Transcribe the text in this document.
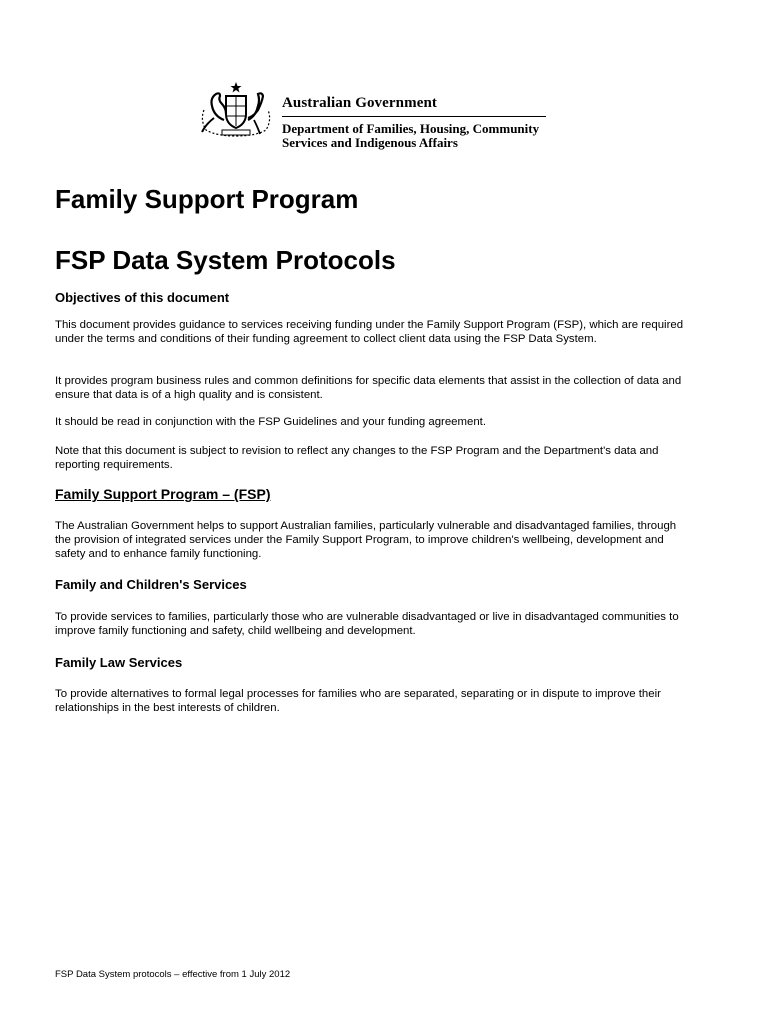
Australian Government
Department of Families, Housing, Community Services and Indigenous Affairs
Family Support Program
FSP Data System Protocols
Objectives of this document
This document provides guidance to services receiving funding under the Family Support Program (FSP), which are required under the terms and conditions of their funding agreement to collect client data using the FSP Data System.
It provides program business rules and common definitions for specific data elements that assist in the collection of data and ensure that data is of a high quality and is consistent.
It should be read in conjunction with the FSP Guidelines and your funding agreement.
Note that this document is subject to revision to reflect any changes to the FSP Program and the Department's data and reporting requirements.
Family Support Program – (FSP)
The Australian Government helps to support Australian families, particularly vulnerable and disadvantaged families, through the provision of integrated services under the Family Support Program, to improve children's wellbeing, development and safety and to enhance family functioning.
Family and Children's Services
To provide services to families, particularly those who are vulnerable disadvantaged or live in disadvantaged communities to improve family functioning and safety, child wellbeing and development.
Family Law Services
To provide alternatives to formal legal processes for families who are separated, separating or in dispute to improve their relationships in the best interests of children.
FSP Data System protocols – effective from 1 July 2012
